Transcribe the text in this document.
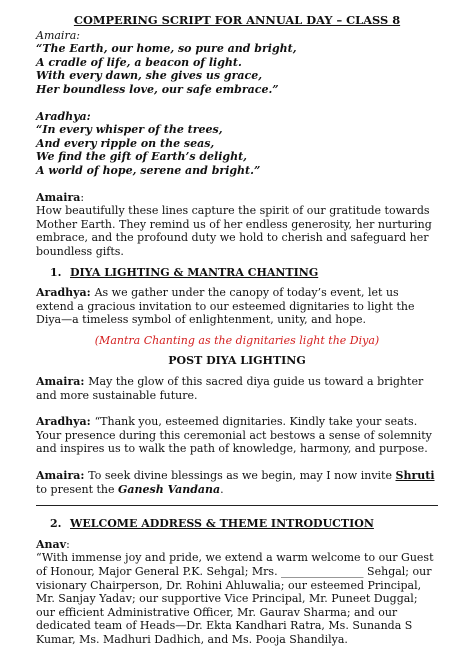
COMPERING SCRIPT FOR ANNUAL DAY – CLASS 8

Amaira:

“The Earth, our home, so pure and bright,

A cradle of life, a beacon of light.

With every dawn, she gives us grace,

Her boundless love, our safe embrace.”

Aradhya:

“In every whisper of the trees,

And every ripple on the seas,

We find the gift of Earth’s delight,

A world of hope, serene and bright.”

Amaira:

How beautifully these lines capture the spirit of our gratitude towards Mother Earth. They remind us of her endless generosity, her nurturing embrace, and the profound duty we hold to cherish and safeguard her boundless gifts.

1. DIYA LIGHTING & MANTRA CHANTING

Aradhya: As we gather under the canopy of today’s event, let us extend a gracious invitation to our esteemed dignitaries to light the Diya—a timeless symbol of enlightenment, unity, and hope.

(Mantra Chanting as the dignitaries light the Diya)

POST DIYA LIGHTING

Amaira: May the glow of this sacred diya guide us toward a brighter and more sustainable future.

Aradhya: “Thank you, esteemed dignitaries. Kindly take your seats. Your presence during this ceremonial act bestows a sense of solemnity and inspires us to walk the path of knowledge, harmony, and purpose.

Amaira: To seek divine blessings as we begin, may I now invite Shruti to present the Ganesh Vandana.

2. WELCOME ADDRESS & THEME INTRODUCTION

Anav:

“With immense joy and pride, we extend a warm welcome to our Guest of Honour, Major General P.K. Sehgal; Mrs. _______________ Sehgal; our visionary Chairperson, Dr. Rohini Ahluwalia; our esteemed Principal, Mr. Sanjay Yadav; our supportive Vice Principal, Mr. Puneet Duggal; our efficient Administrative Officer, Mr. Gaurav Sharma; and our dedicated team of Heads—Dr. Ekta Kandhari Ratra, Ms. Sunanda S Kumar, Ms. Madhuri Dadhich, and Ms. Pooja Shandilya.
